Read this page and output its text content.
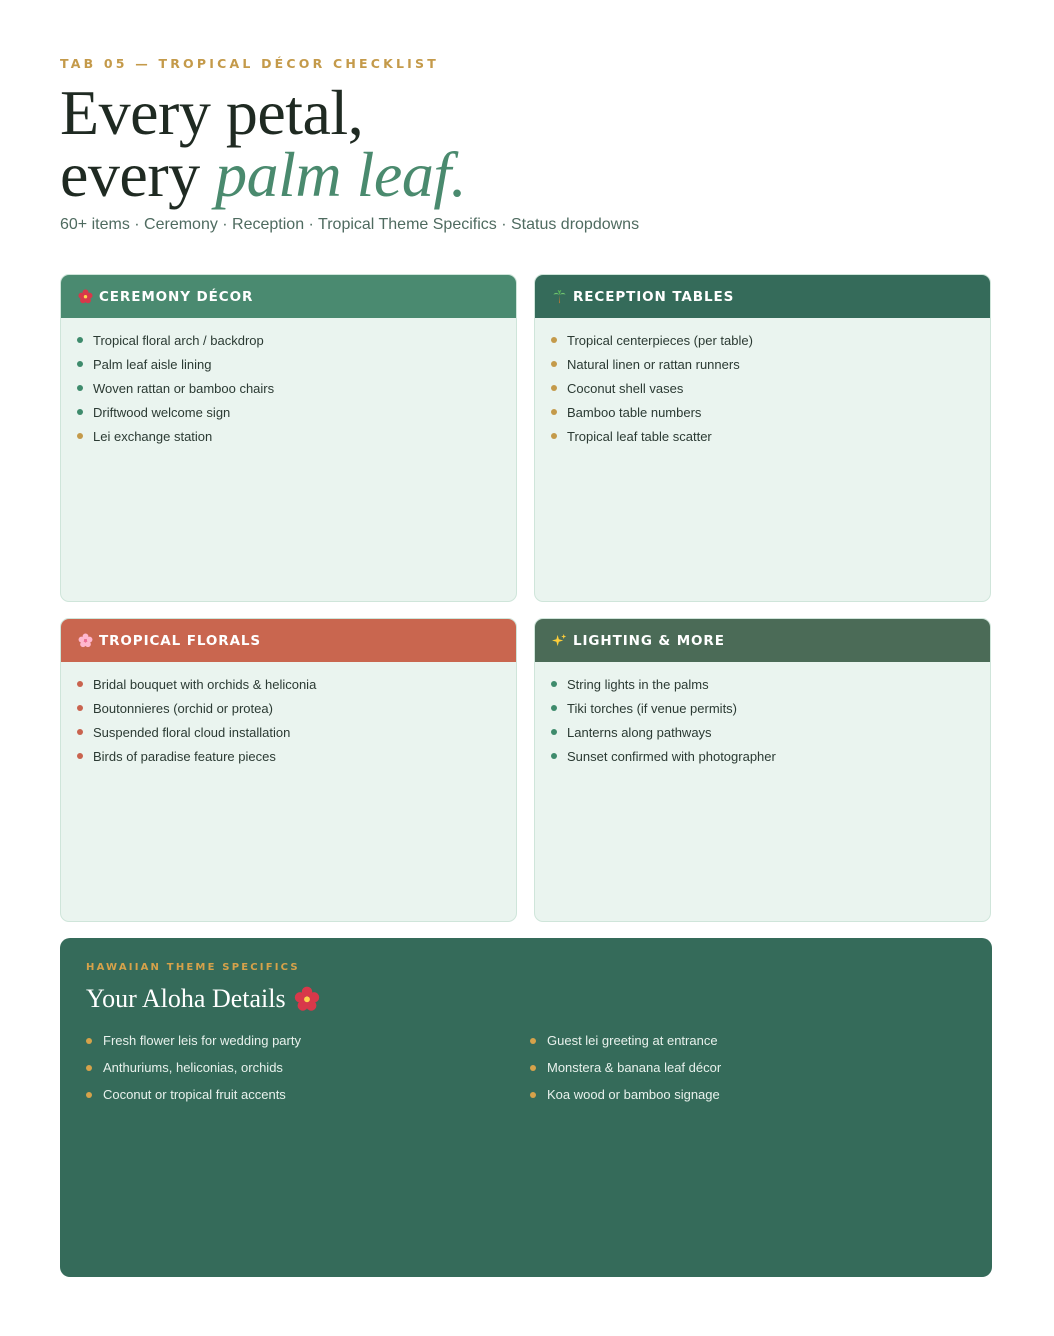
TAB 05 — TROPICAL DÉCOR CHECKLIST
Every petal,
every palm leaf.
60+ items · Ceremony · Reception · Tropical Theme Specifics · Status dropdowns
CEREMONY DÉCOR
Tropical floral arch / backdrop
Palm leaf aisle lining
Woven rattan or bamboo chairs
Driftwood welcome sign
Lei exchange station
RECEPTION TABLES
Tropical centerpieces (per table)
Natural linen or rattan runners
Coconut shell vases
Bamboo table numbers
Tropical leaf table scatter
TROPICAL FLORALS
Bridal bouquet with orchids & heliconia
Boutonnieres (orchid or protea)
Suspended floral cloud installation
Birds of paradise feature pieces
LIGHTING & MORE
String lights in the palms
Tiki torches (if venue permits)
Lanterns along pathways
Sunset confirmed with photographer
HAWAIIAN THEME SPECIFICS
Your Aloha Details
Fresh flower leis for wedding party
Anthuriums, heliconias, orchids
Coconut or tropical fruit accents
Guest lei greeting at entrance
Monstera & banana leaf décor
Koa wood or bamboo signage
